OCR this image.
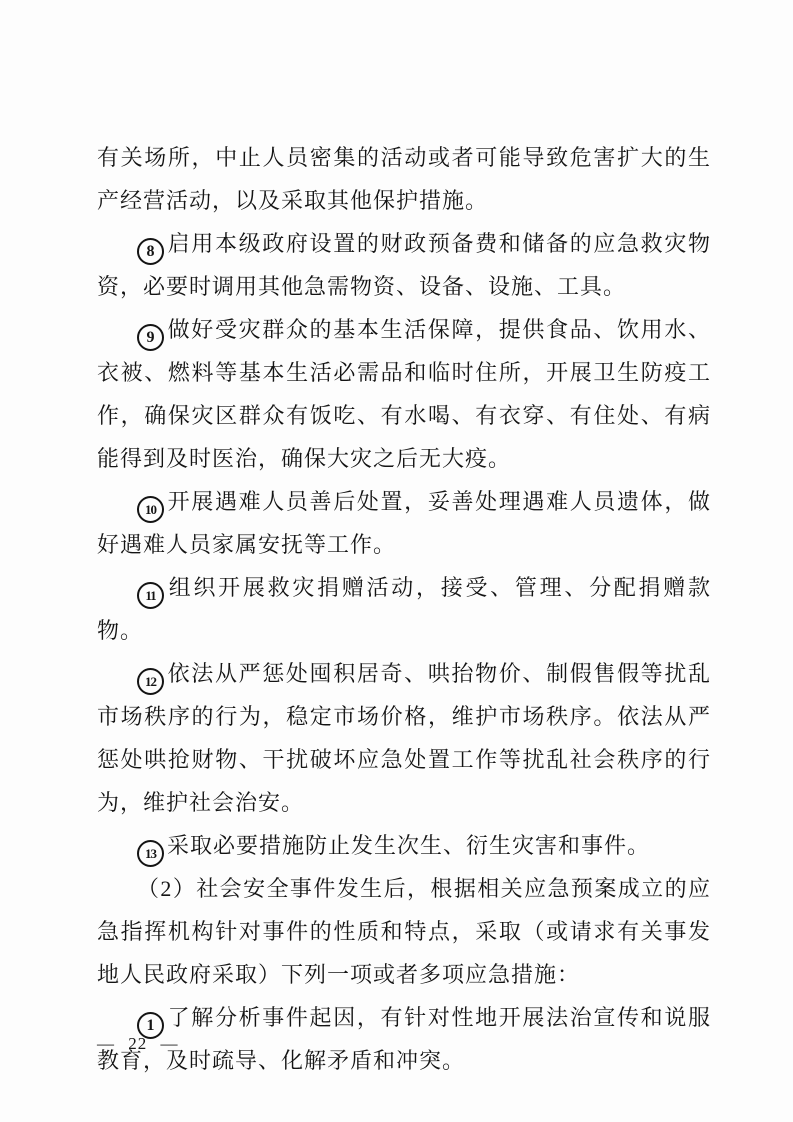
有关场所，中止人员密集的活动或者可能导致危害扩大的生产经营活动，以及采取其他保护措施。

8 启用本级政府设置的财政预备费和储备的应急救灾物资，必要时调用其他急需物资、设备、设施、工具。

9 做好受灾群众的基本生活保障，提供食品、饮用水、衣被、燃料等基本生活必需品和临时住所，开展卫生防疫工作，确保灾区群众有饭吃、有水喝、有衣穿、有住处、有病能得到及时医治，确保大灾之后无大疫。

10 开展遇难人员善后处置，妥善处理遇难人员遗体，做好遇难人员家属安抚等工作。

11 组织开展救灾捐赠活动，接受、管理、分配捐赠款物。

12 依法从严惩处囤积居奇、哄抬物价、制假售假等扰乱市场秩序的行为，稳定市场价格，维护市场秩序。依法从严惩处哄抢财物、干扰破坏应急处置工作等扰乱社会秩序的行为，维护社会治安。

13 采取必要措施防止发生次生、衍生灾害和事件。

（2）社会安全事件发生后，根据相关应急预案成立的应急指挥机构针对事件的性质和特点，采取（或请求有关事发地人民政府采取）下列一项或者多项应急措施：

1 了解分析事件起因，有针对性地开展法治宣传和说服教育，及时疏导、化解矛盾和冲突。

— 22 —
